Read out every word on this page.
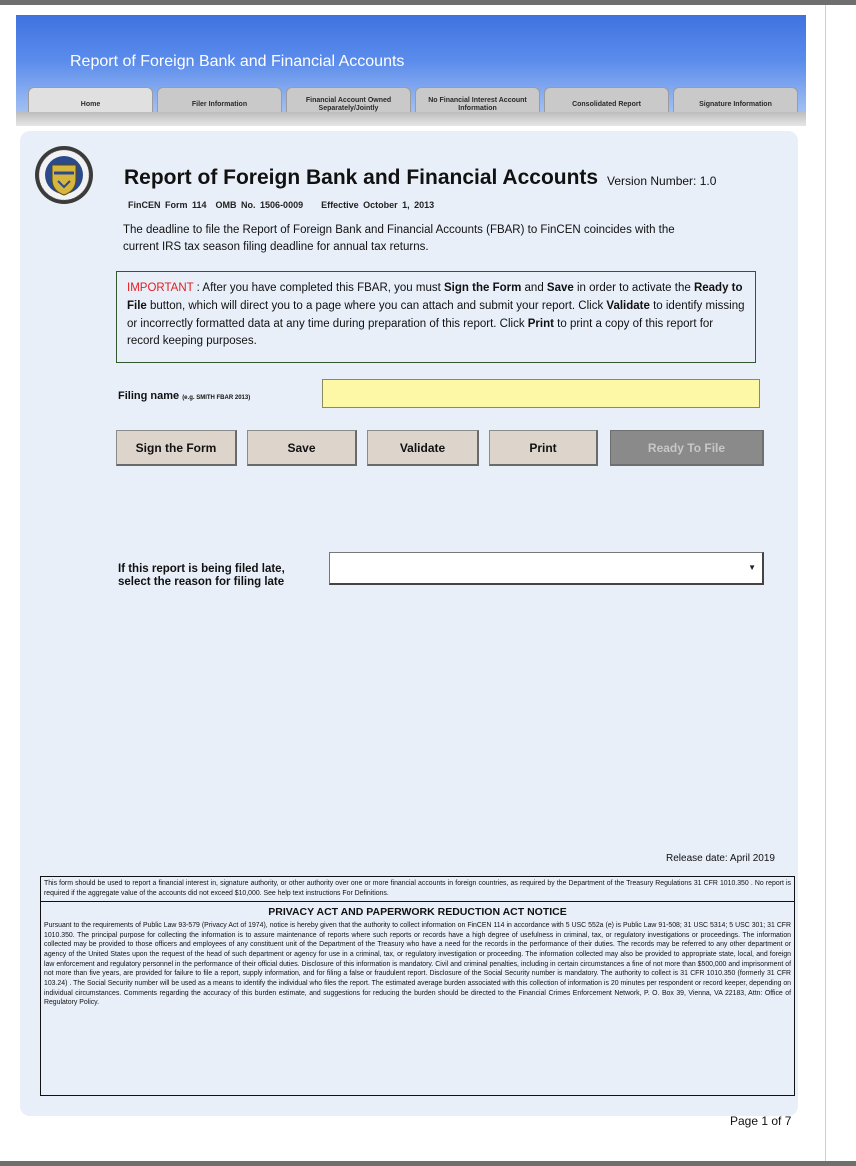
Report of Foreign Bank and Financial Accounts
Home	Filer Information
Financial Account Owned Separately/Jointly
No Financial Interest Account Information
Consolidated Report	Signature Information
Report of Foreign Bank and Financial Accounts Version Number: 1.0
FinCEN Form 114 OMB No. 1506-0009 Effective October 1, 2013
The deadline to file the Report of Foreign Bank and Financial Accounts (FBAR) to FinCEN coincides with the current IRS tax season filing deadline for annual tax returns.
IMPORTANT : After you have completed this FBAR, you must Sign the Form and Save in order to activate the Ready to File button, which will direct you to a page where you can attach and submit your report. Click Validate to identify missing or incorrectly formatted data at any time during preparation of this report. Click Print to print a copy of this report for record keeping purposes.
Filing name (e.g. SMITH FBAR 2013)
Sign the Form	Save	Validate	Print	Ready To File
If this report is being filed late, select the reason for filing late
▼
Release date: April 2019
This form should be used to report a financial interest in, signature authority, or other authority over one or more financial accounts in foreign countries, as required by the Department of the Treasury Regulations 31 CFR 1010.350 . No report is required if the aggregate value of the accounts did not exceed $10,000. See help text instructions For Definitions.
PRIVACY ACT AND PAPERWORK REDUCTION ACT NOTICE
Pursuant to the requirements of Public Law 93-579 (Privacy Act of 1974), notice is hereby given that the authority to collect information on FinCEN 114 in accordance with 5 USC 552a (e) is Public Law 91-508; 31 USC 5314; 5 USC 301; 31 CFR 1010.350. The principal purpose for collecting the information is to assure maintenance of reports where such reports or records have a high degree of usefulness in criminal, tax, or regulatory investigations or proceedings. The information collected may be provided to those officers and employees of any constituent unit of the Department of the Treasury who have a need for the records in the performance of their duties. The records may be referred to any other department or agency of the United States upon the request of the head of such department or agency for use in a criminal, tax, or regulatory investigation or proceeding. The information collected may also be provided to appropriate state, local, and foreign law enforcement and regulatory personnel in the performance of their official duties. Disclosure of this information is mandatory. Civil and criminal penalties, including in certain circumstances a fine of not more than $500,000 and imprisonment of not more than five years, are provided for failure to file a report, supply information, and for filing a false or fraudulent report. Disclosure of the Social Security number is mandatory. The authority to collect is 31 CFR 1010.350 (formerly 31 CFR 103.24) . The Social Security number will be used as a means to identify the individual who files the report. The estimated average burden associated with this collection of information is 20 minutes per respondent or record keeper, depending on individual circumstances. Comments regarding the accuracy of this burden estimate, and suggestions for reducing the burden should be directed to the Financial Crimes Enforcement Network, P. O. Box 39, Vienna, VA 22183, Attn: Office of Regulatory Policy.
Page 1 of 7
